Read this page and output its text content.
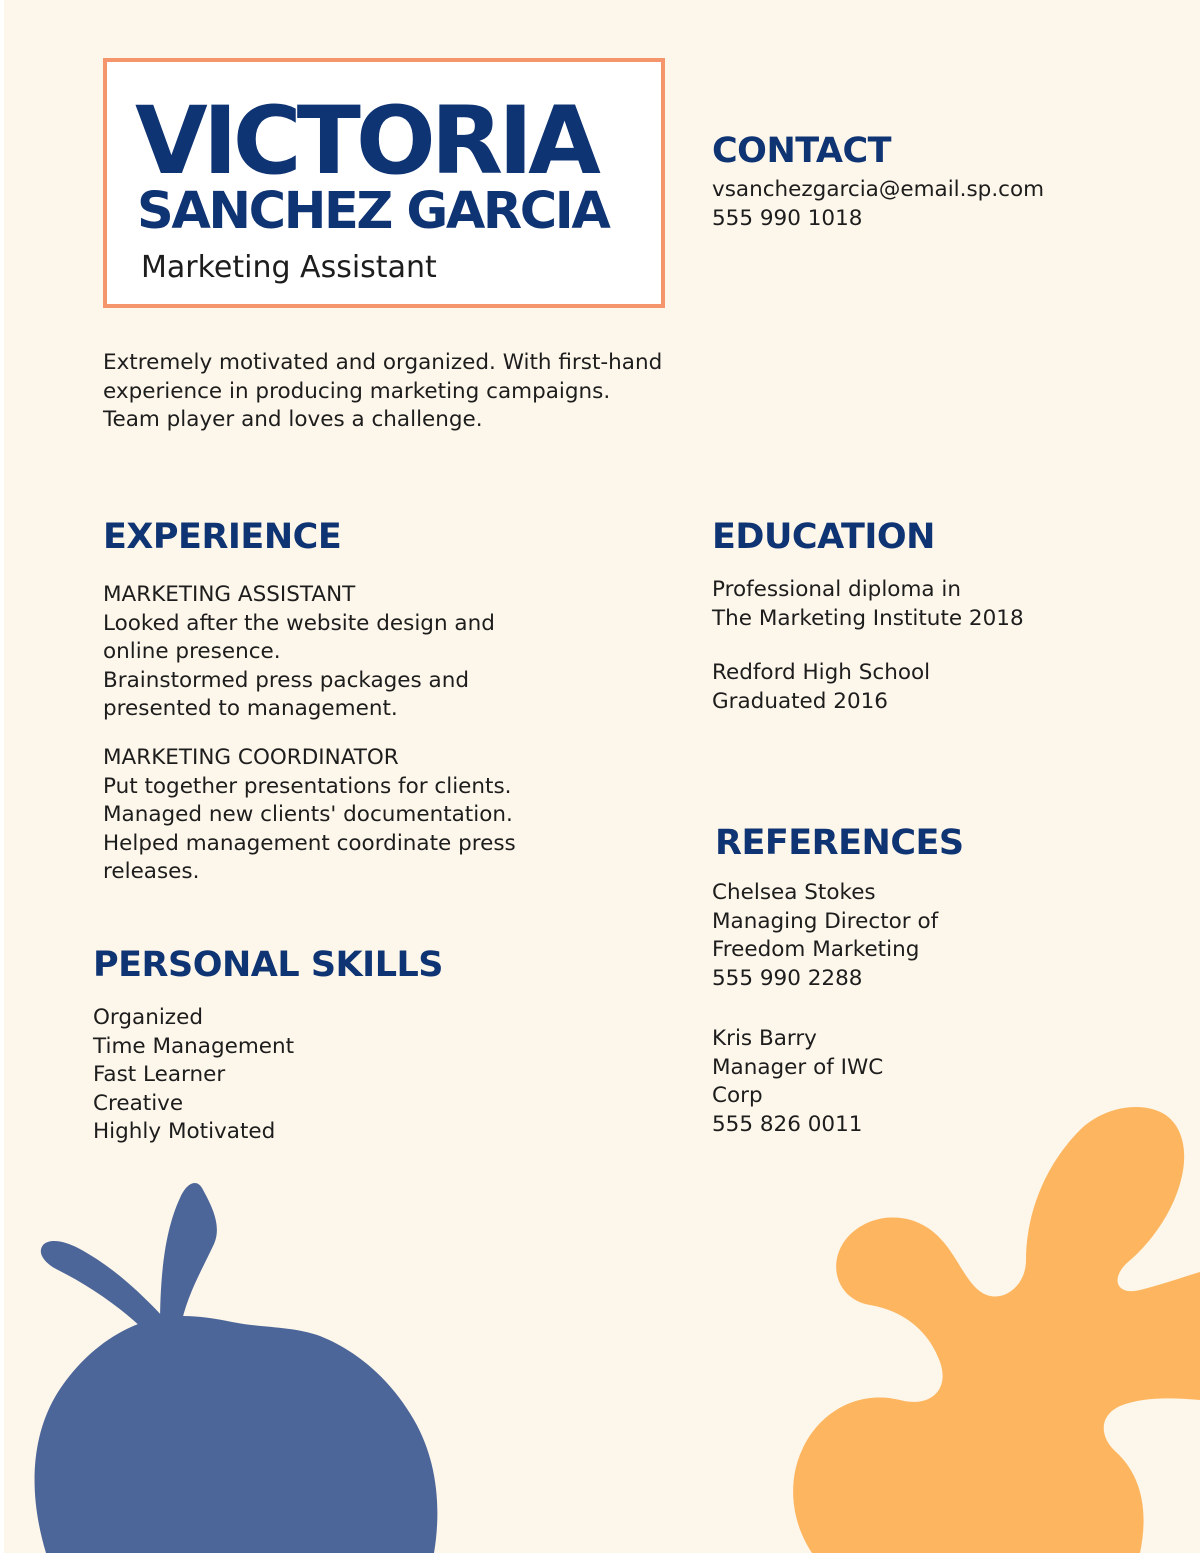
VICTORIA
SANCHEZ GARCIA
Marketing Assistant
CONTACT
vsanchezgarcia@email.sp.com
555 990 1018
Extremely motivated and organized. With first-hand
experience in producing marketing campaigns.
Team player and loves a challenge.
EXPERIENCE
MARKETING ASSISTANT
Looked after the website design and
online presence.
Brainstormed press packages and
presented to management.
MARKETING COORDINATOR
Put together presentations for clients.
Managed new clients' documentation.
Helped management coordinate press
releases.
EDUCATION
Professional diploma in
The Marketing Institute 2018
Redford High School
Graduated 2016
REFERENCES
Chelsea Stokes
Managing Director of
Freedom Marketing
555 990 2288
Kris Barry
Manager of IWC
Corp
555 826 0011
PERSONAL SKILLS
Organized
Time Management
Fast Learner
Creative
Highly Motivated
